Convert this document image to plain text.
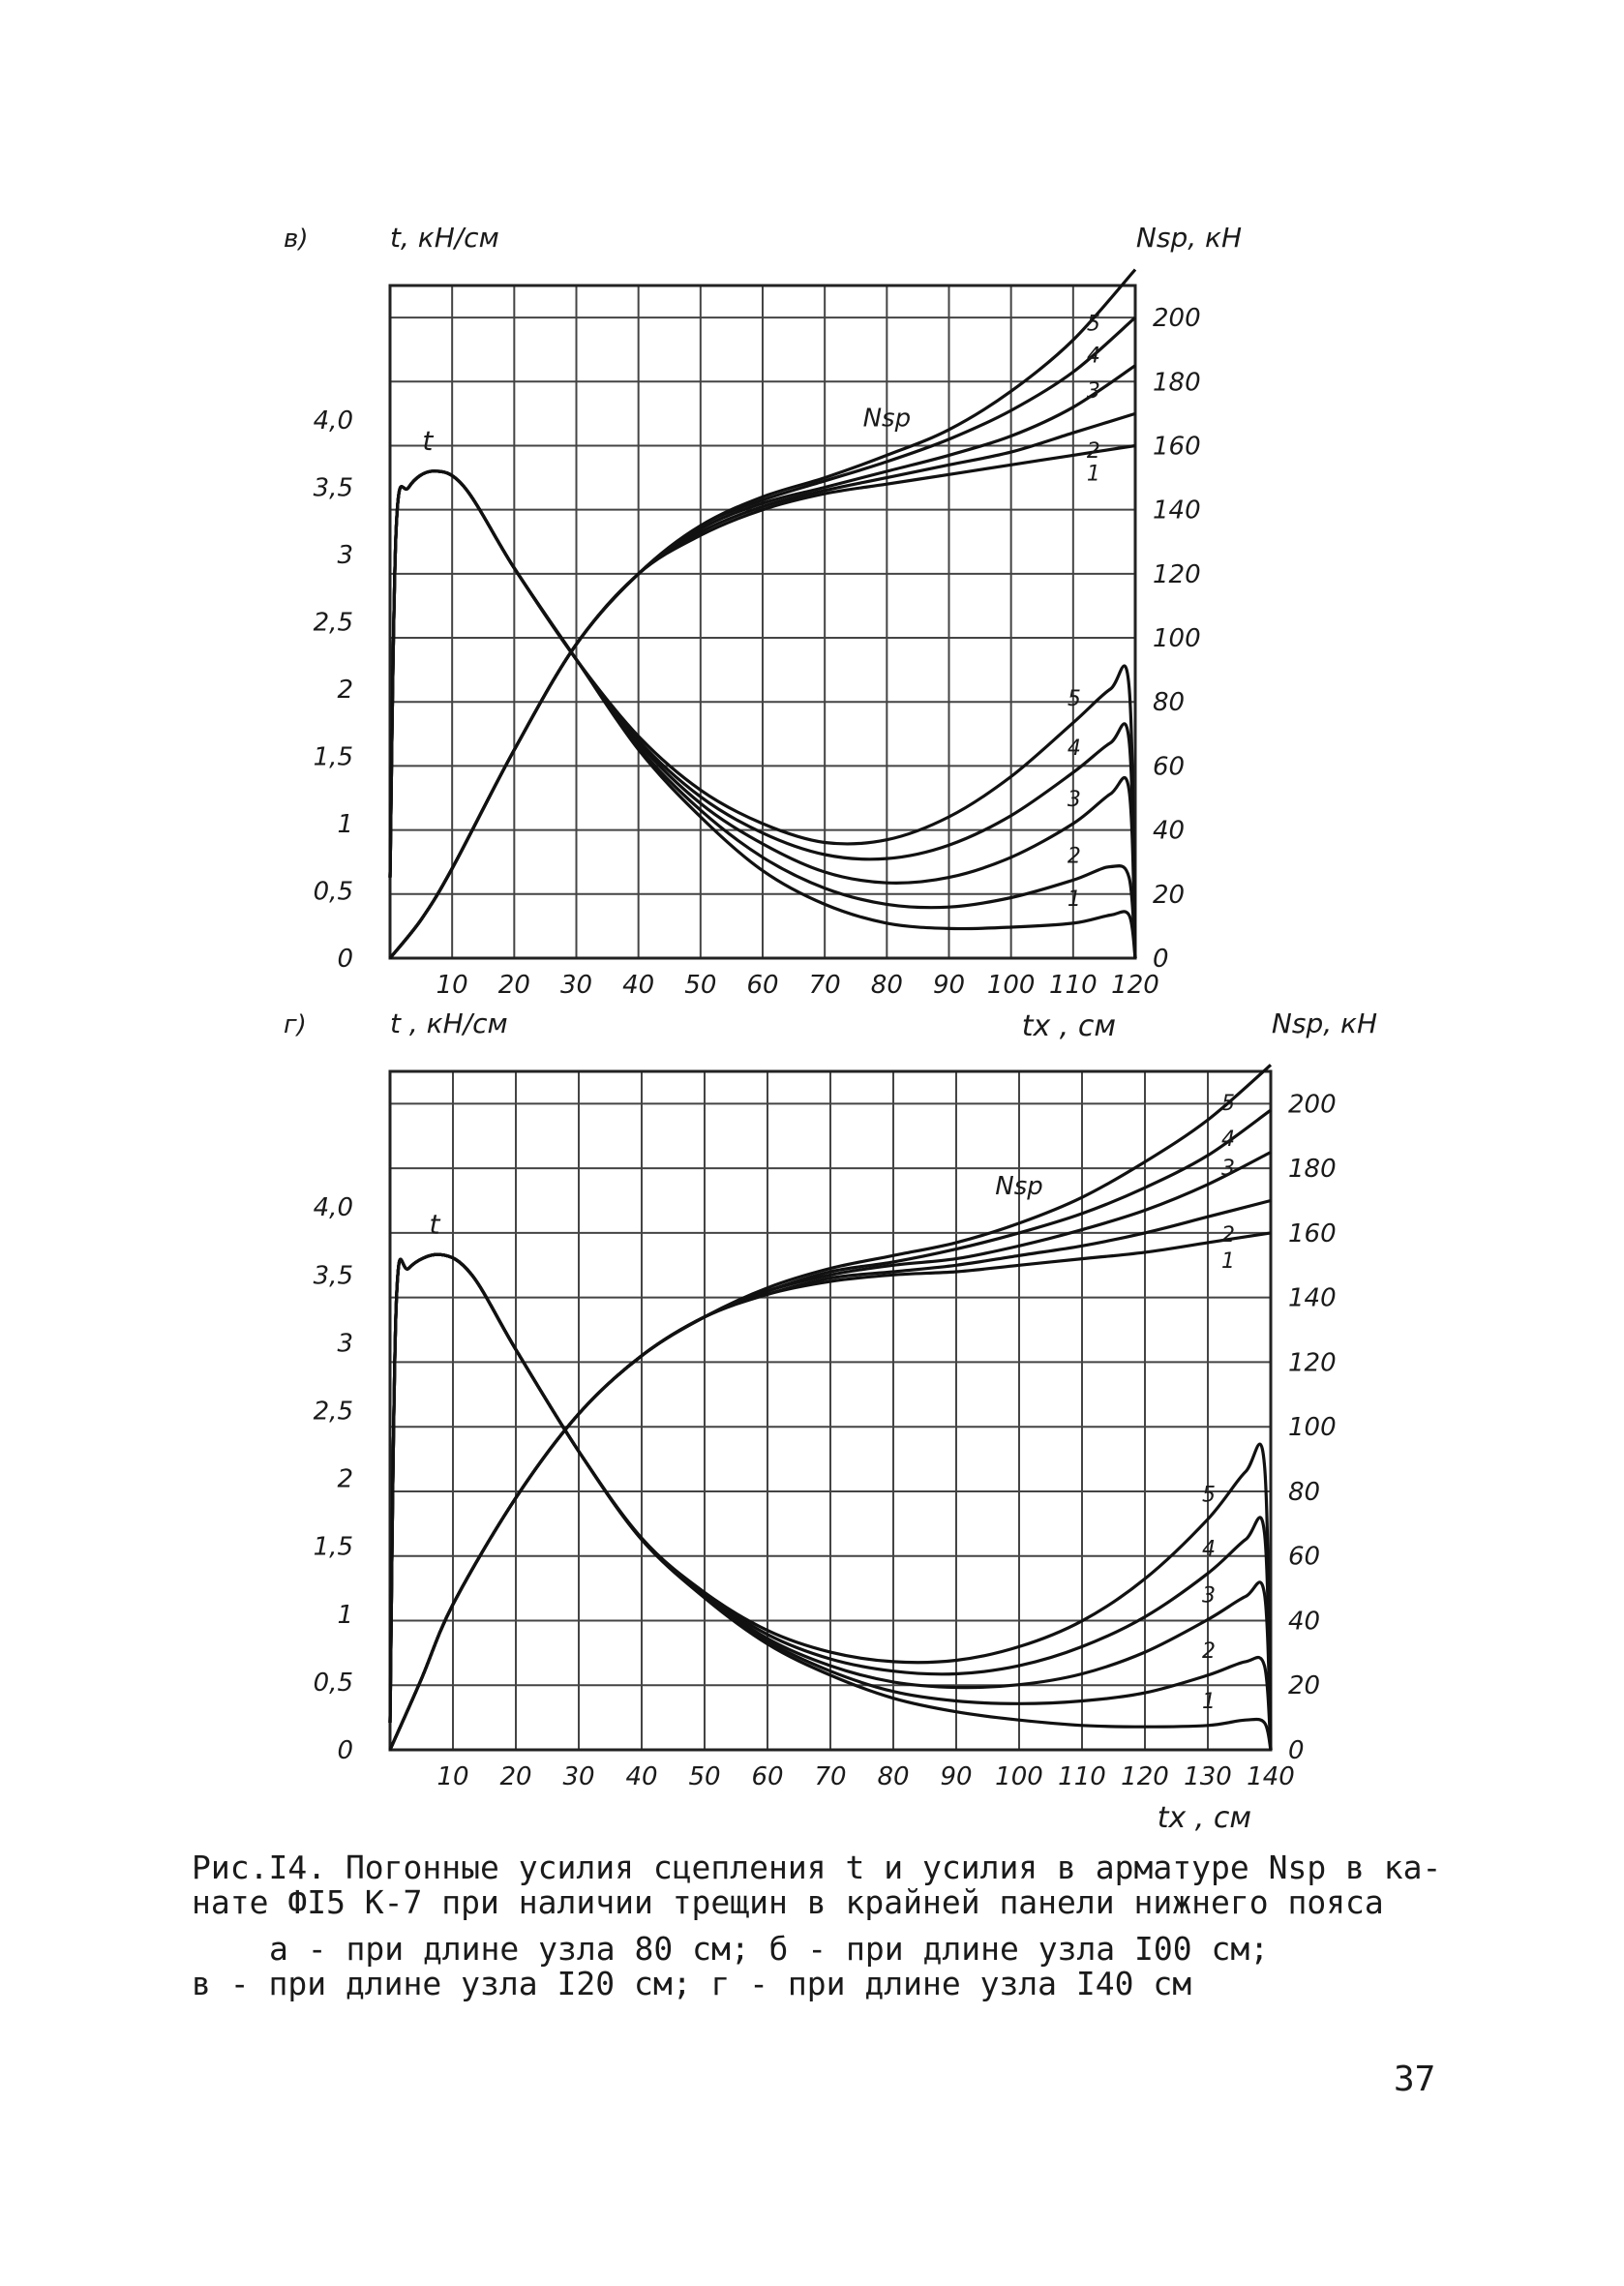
10 20 30 40 50 60 70 80 90 100 110 120
0
0,5
1
1,5
2
2,5
3
3,5
4,0
0
20
40
60
80
100
120
140
160
180
200
в)	t, кН/см	Nsp, кН
tx , см
1
2
3
4
5
1
2
3
4
5
t
Nsp
10 20 30 40 50 60 70 80 90 100 110 120 130 140
0
0,5
1
1,5
2
2,5
3
3,5
4,0
0
20
40
60
80
100
120
140
160
180
200
г)	t , кН/см	Nsp, кН
tx , см
1
2
3
4
5
1
2
3
4
5
t
Nsp
Рис.I4. Погонные усилия сцепления t и усилия в арматуре Nsp в ка-
нате ФI5 К-7 при наличии трещин в крайней панели нижнего пояса
а - при длине узла 80 см; б - при длине узла I00 см;
в - при длине узла I20 см; г - при длине узла I40 см
37
